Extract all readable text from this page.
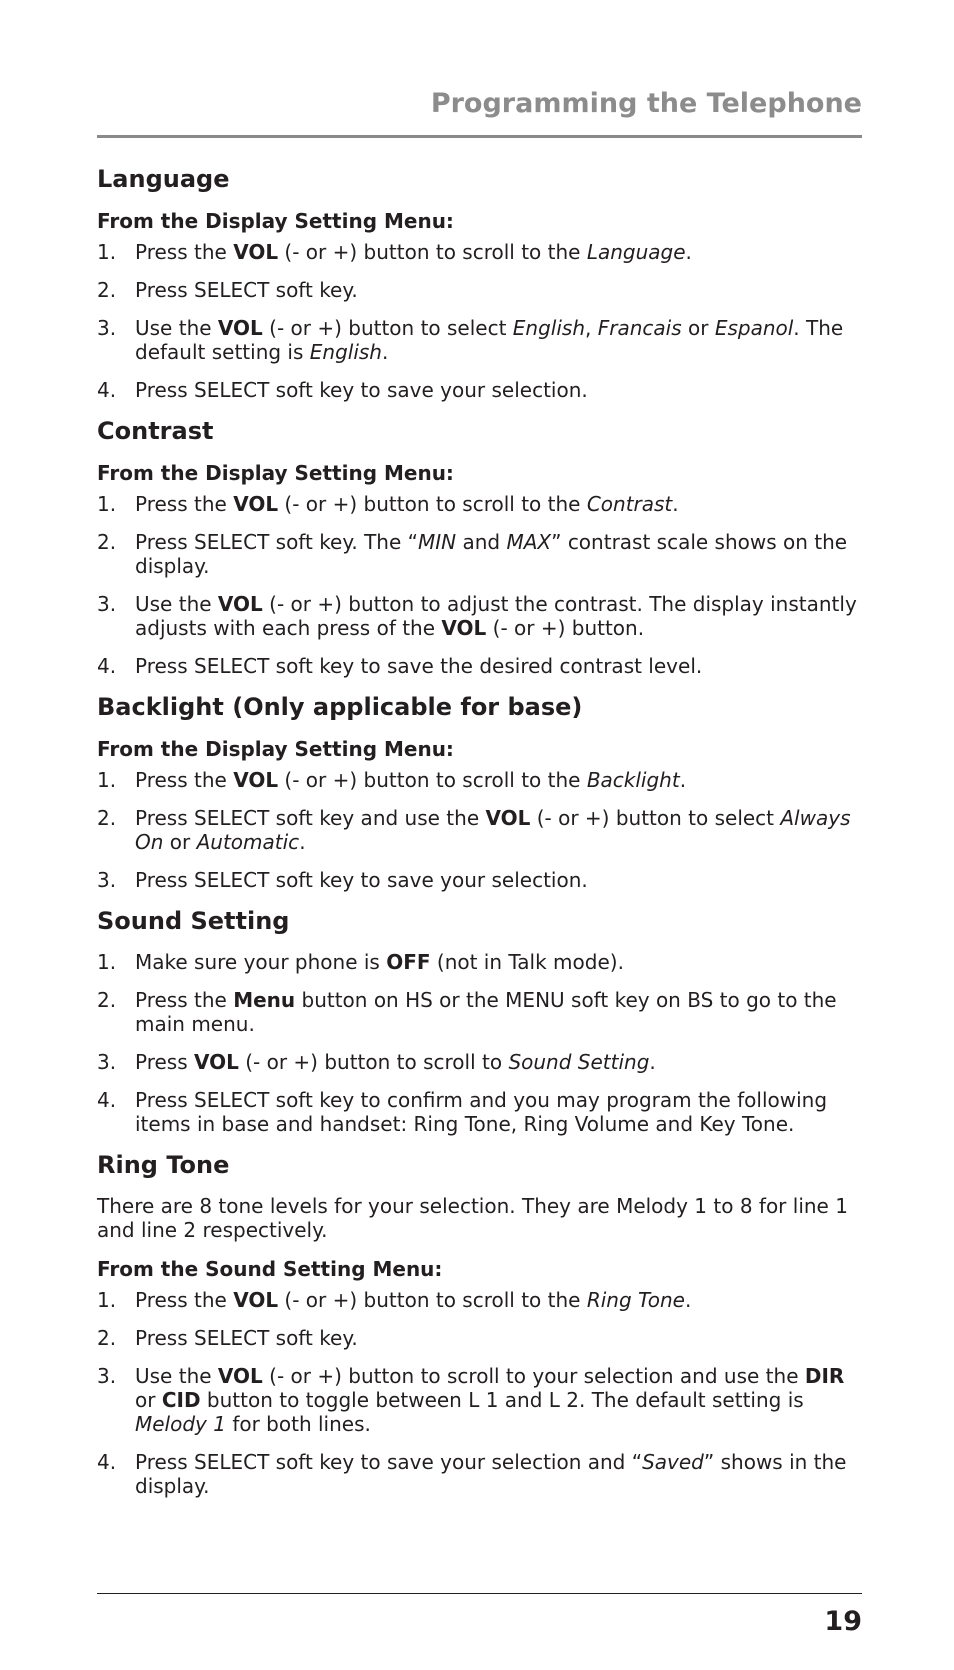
Programming the Telephone
Language
From the Display Setting Menu:
1. Press the VOL (- or +) button to scroll to the Language.
2. Press SELECT soft key.
3. Use the VOL (- or +) button to select English, Francais or Espanol. The default setting is English.
4. Press SELECT soft key to save your selection.
Contrast
From the Display Setting Menu:
1. Press the VOL (- or +) button to scroll to the Contrast.
2. Press SELECT soft key. The “MIN and MAX” contrast scale shows on the display.
3. Use the VOL (- or +) button to adjust the contrast. The display instantly adjusts with each press of the VOL (- or +) button.
4. Press SELECT soft key to save the desired contrast level.
Backlight (Only applicable for base)
From the Display Setting Menu:
1. Press the VOL (- or +) button to scroll to the Backlight.
2. Press SELECT soft key and use the VOL (- or +) button to select Always On or Automatic.
3. Press SELECT soft key to save your selection.
Sound Setting
1. Make sure your phone is OFF (not in Talk mode).
2. Press the Menu button on HS or the MENU soft key on BS to go to the main menu.
3. Press VOL (- or +) button to scroll to Sound Setting.
4. Press SELECT soft key to confirm and you may program the following items in base and handset: Ring Tone, Ring Volume and Key Tone.
Ring Tone

There are 8 tone levels for your selection. They are Melody 1 to 8 for line 1 and line 2 respectively.

From the Sound Setting Menu:
1. Press the VOL (- or +) button to scroll to the Ring Tone.
2. Press SELECT soft key.
3. Use the VOL (- or +) button to scroll to your selection and use the DIR or CID button to toggle between L 1 and L 2. The default setting is Melody 1 for both lines.
4. Press SELECT soft key to save your selection and “Saved” shows in the display.
19
